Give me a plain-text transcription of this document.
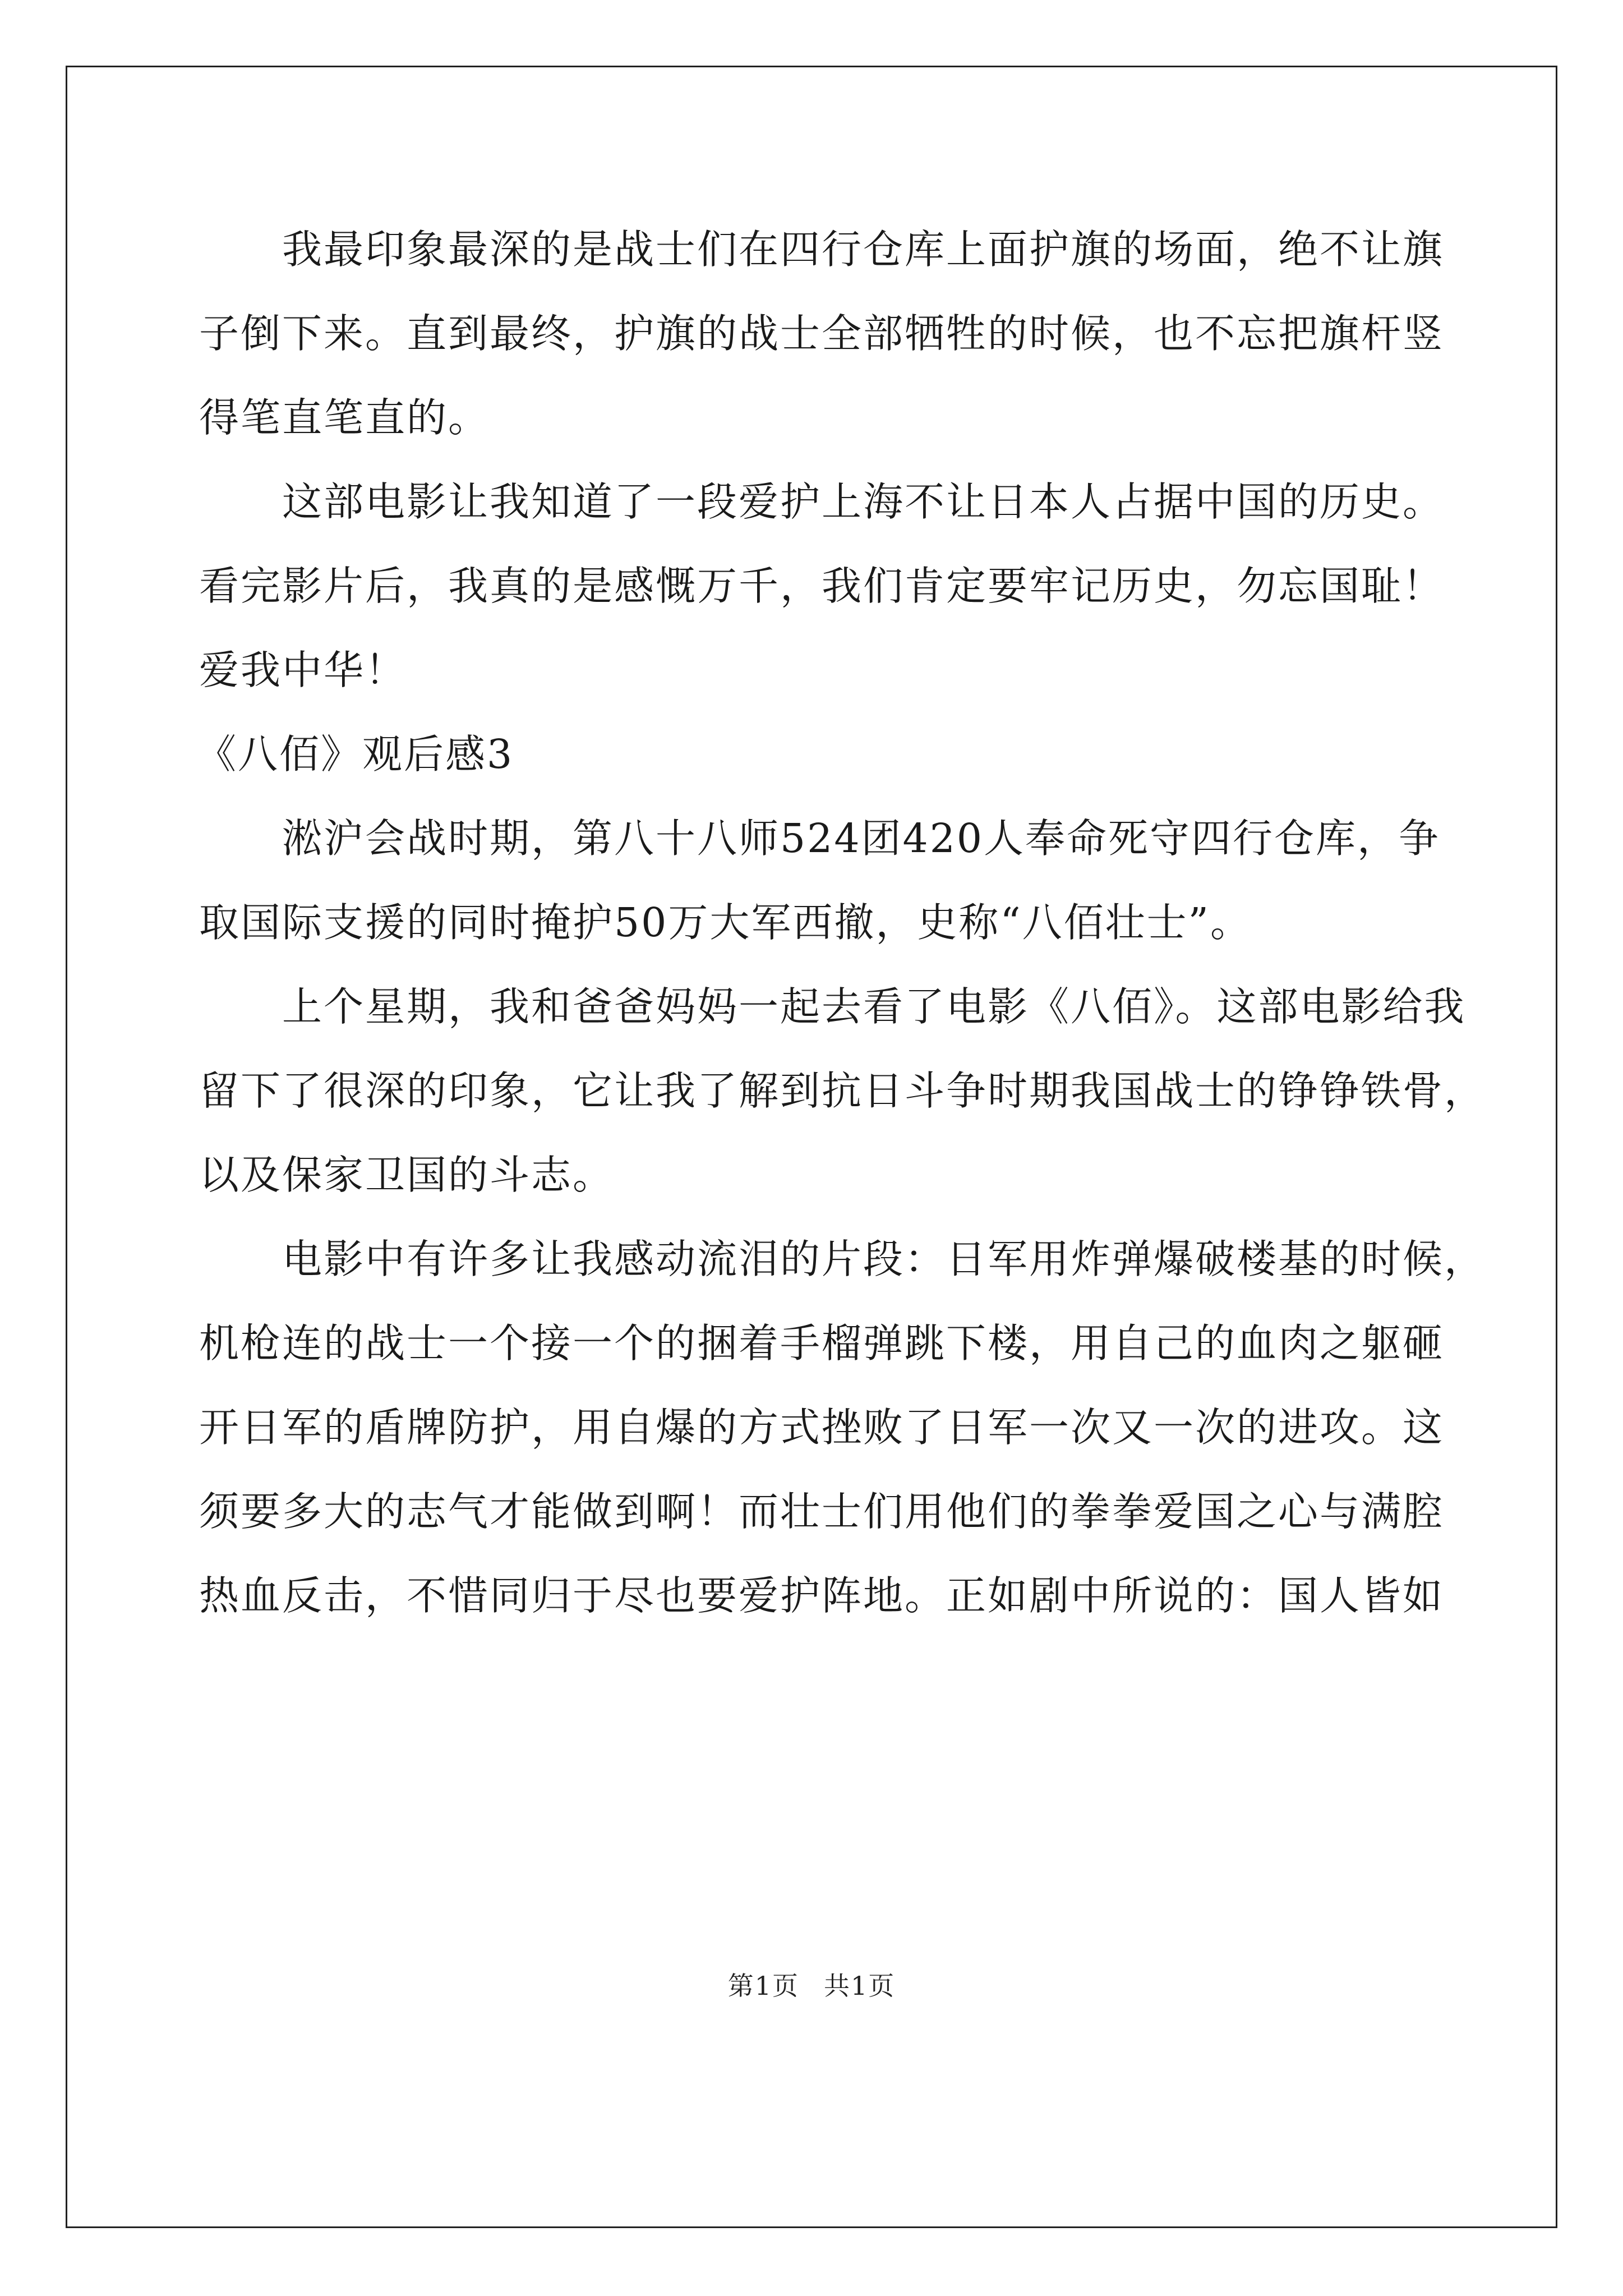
我最印象最深的是战士们在四行仓库上面护旗的场面，绝不让旗
子倒下来。直到最终，护旗的战士全部牺牲的时候，也不忘把旗杆竖
得笔直笔直的。
这部电影让我知道了一段爱护上海不让日本人占据中国的历史。
看完影片后，我真的是感慨万千，我们肯定要牢记历史，勿忘国耻！
爱我中华！
《八佰》观后感3
淞沪会战时期，第八十八师524团420人奉命死守四行仓库，争
取国际支援的同时掩护50万大军西撤，史称“八佰壮士”。
上个星期，我和爸爸妈妈一起去看了电影《八佰》。这部电影给我
留下了很深的印象，它让我了解到抗日斗争时期我国战士的铮铮铁骨，
以及保家卫国的斗志。
电影中有许多让我感动流泪的片段：日军用炸弹爆破楼基的时候，
机枪连的战士一个接一个的捆着手榴弹跳下楼，用自己的血肉之躯砸
开日军的盾牌防护，用自爆的方式挫败了日军一次又一次的进攻。这
须要多大的志气才能做到啊！而壮士们用他们的拳拳爱国之心与满腔
热血反击，不惜同归于尽也要爱护阵地。正如剧中所说的：国人皆如
第1页 共1页
